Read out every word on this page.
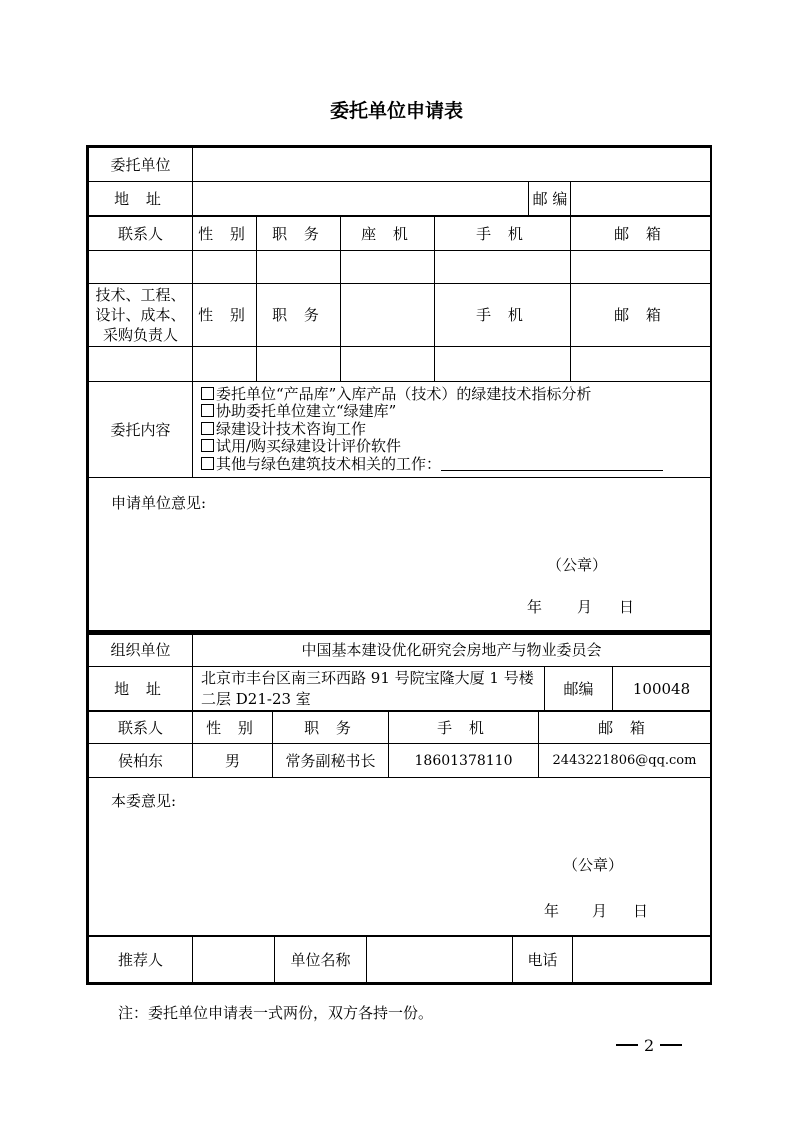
委托单位申请表
委托单位			
地 址		邮 编	
联系人	性 别	职 务	座 机	手 机	邮 箱

技术、工程、设计、成本、采购负责人	性 别	职 务		手 机	邮 箱

委托内容	委托单位“产品库”入库产品（技术）的绿建技术指标分析
协助委托单位建立“绿建库”
绿建设计技术咨询工作
试用/购买绿建设计评价软件
其他与绿色建筑技术相关的工作：				

申请单位意见:
（公章）
年 月 日					
组织单位	中国基本建设优化研究会房地产与物业委员会		
地 址	北京市丰台区南三环西路 91 号院宝隆大厦 1 号楼二层 D21-23 室	邮编	100048
联系人	性 别	职 务	手 机	邮 箱
侯柏东	男	常务副秘书长	18601378110	2443221806@qq.com

本委意见:
（公章）
年 月 日				
推荐人		单位名称		电话	
注：委托单位申请表一式两份，双方各持一份。
2
